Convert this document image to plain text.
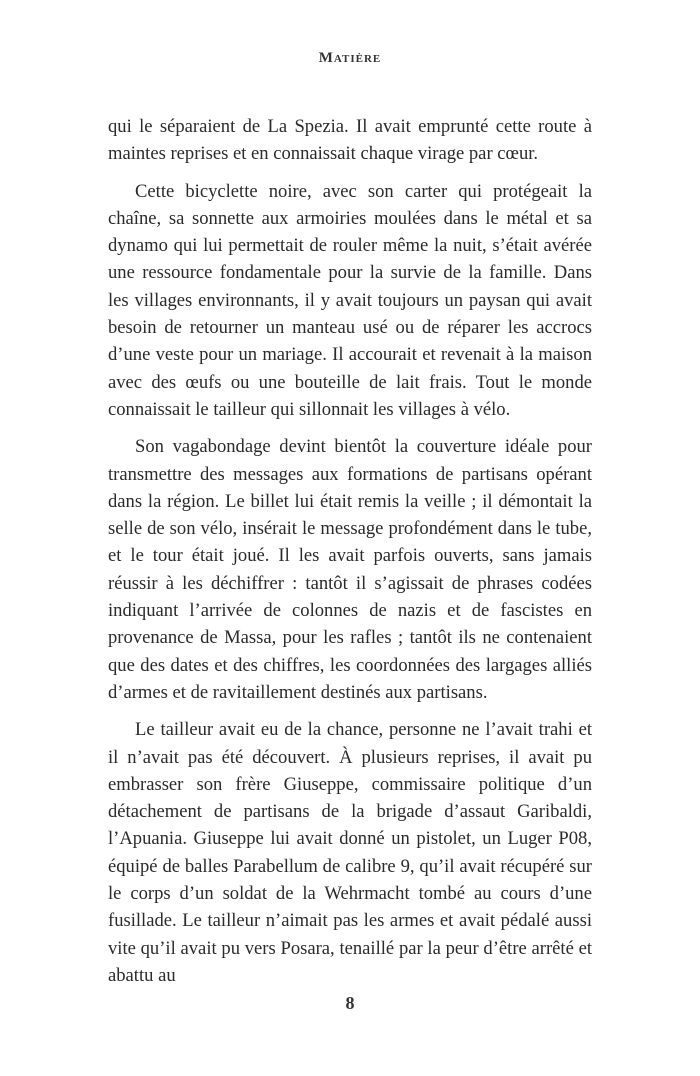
Matière

qui le séparaient de La Spezia. Il avait emprunté cette route à maintes reprises et en connaissait chaque virage par cœur.

Cette bicyclette noire, avec son carter qui protégeait la chaîne, sa sonnette aux armoiries moulées dans le métal et sa dynamo qui lui permettait de rouler même la nuit, s’était avérée une ressource fondamentale pour la survie de la famille. Dans les villages environnants, il y avait toujours un paysan qui avait besoin de retourner un manteau usé ou de réparer les accrocs d’une veste pour un mariage. Il accourait et revenait à la maison avec des œufs ou une bouteille de lait frais. Tout le monde connaissait le tailleur qui sillonnait les villages à vélo.

Son vagabondage devint bientôt la couverture idéale pour transmettre des messages aux formations de partisans opérant dans la région. Le billet lui était remis la veille ; il démontait la selle de son vélo, insérait le message profondément dans le tube, et le tour était joué. Il les avait parfois ouverts, sans jamais réussir à les déchiffrer : tantôt il s’agissait de phrases codées indiquant l’arrivée de colonnes de nazis et de fascistes en provenance de Massa, pour les rafles ; tantôt ils ne contenaient que des dates et des chiffres, les coordonnées des largages alliés d’armes et de ravitaillement destinés aux partisans.

Le tailleur avait eu de la chance, personne ne l’avait trahi et il n’avait pas été découvert. À plusieurs reprises, il avait pu embrasser son frère Giuseppe, commissaire politique d’un détachement de partisans de la brigade d’assaut Garibaldi, l’Apuania. Giuseppe lui avait donné un pistolet, un Luger P08, équipé de balles Parabellum de calibre 9, qu’il avait récupéré sur le corps d’un soldat de la Wehrmacht tombé au cours d’une fusillade. Le tailleur n’aimait pas les armes et avait pédalé aussi vite qu’il avait pu vers Posara, tenaillé par la peur d’être arrêté et abattu au

8
